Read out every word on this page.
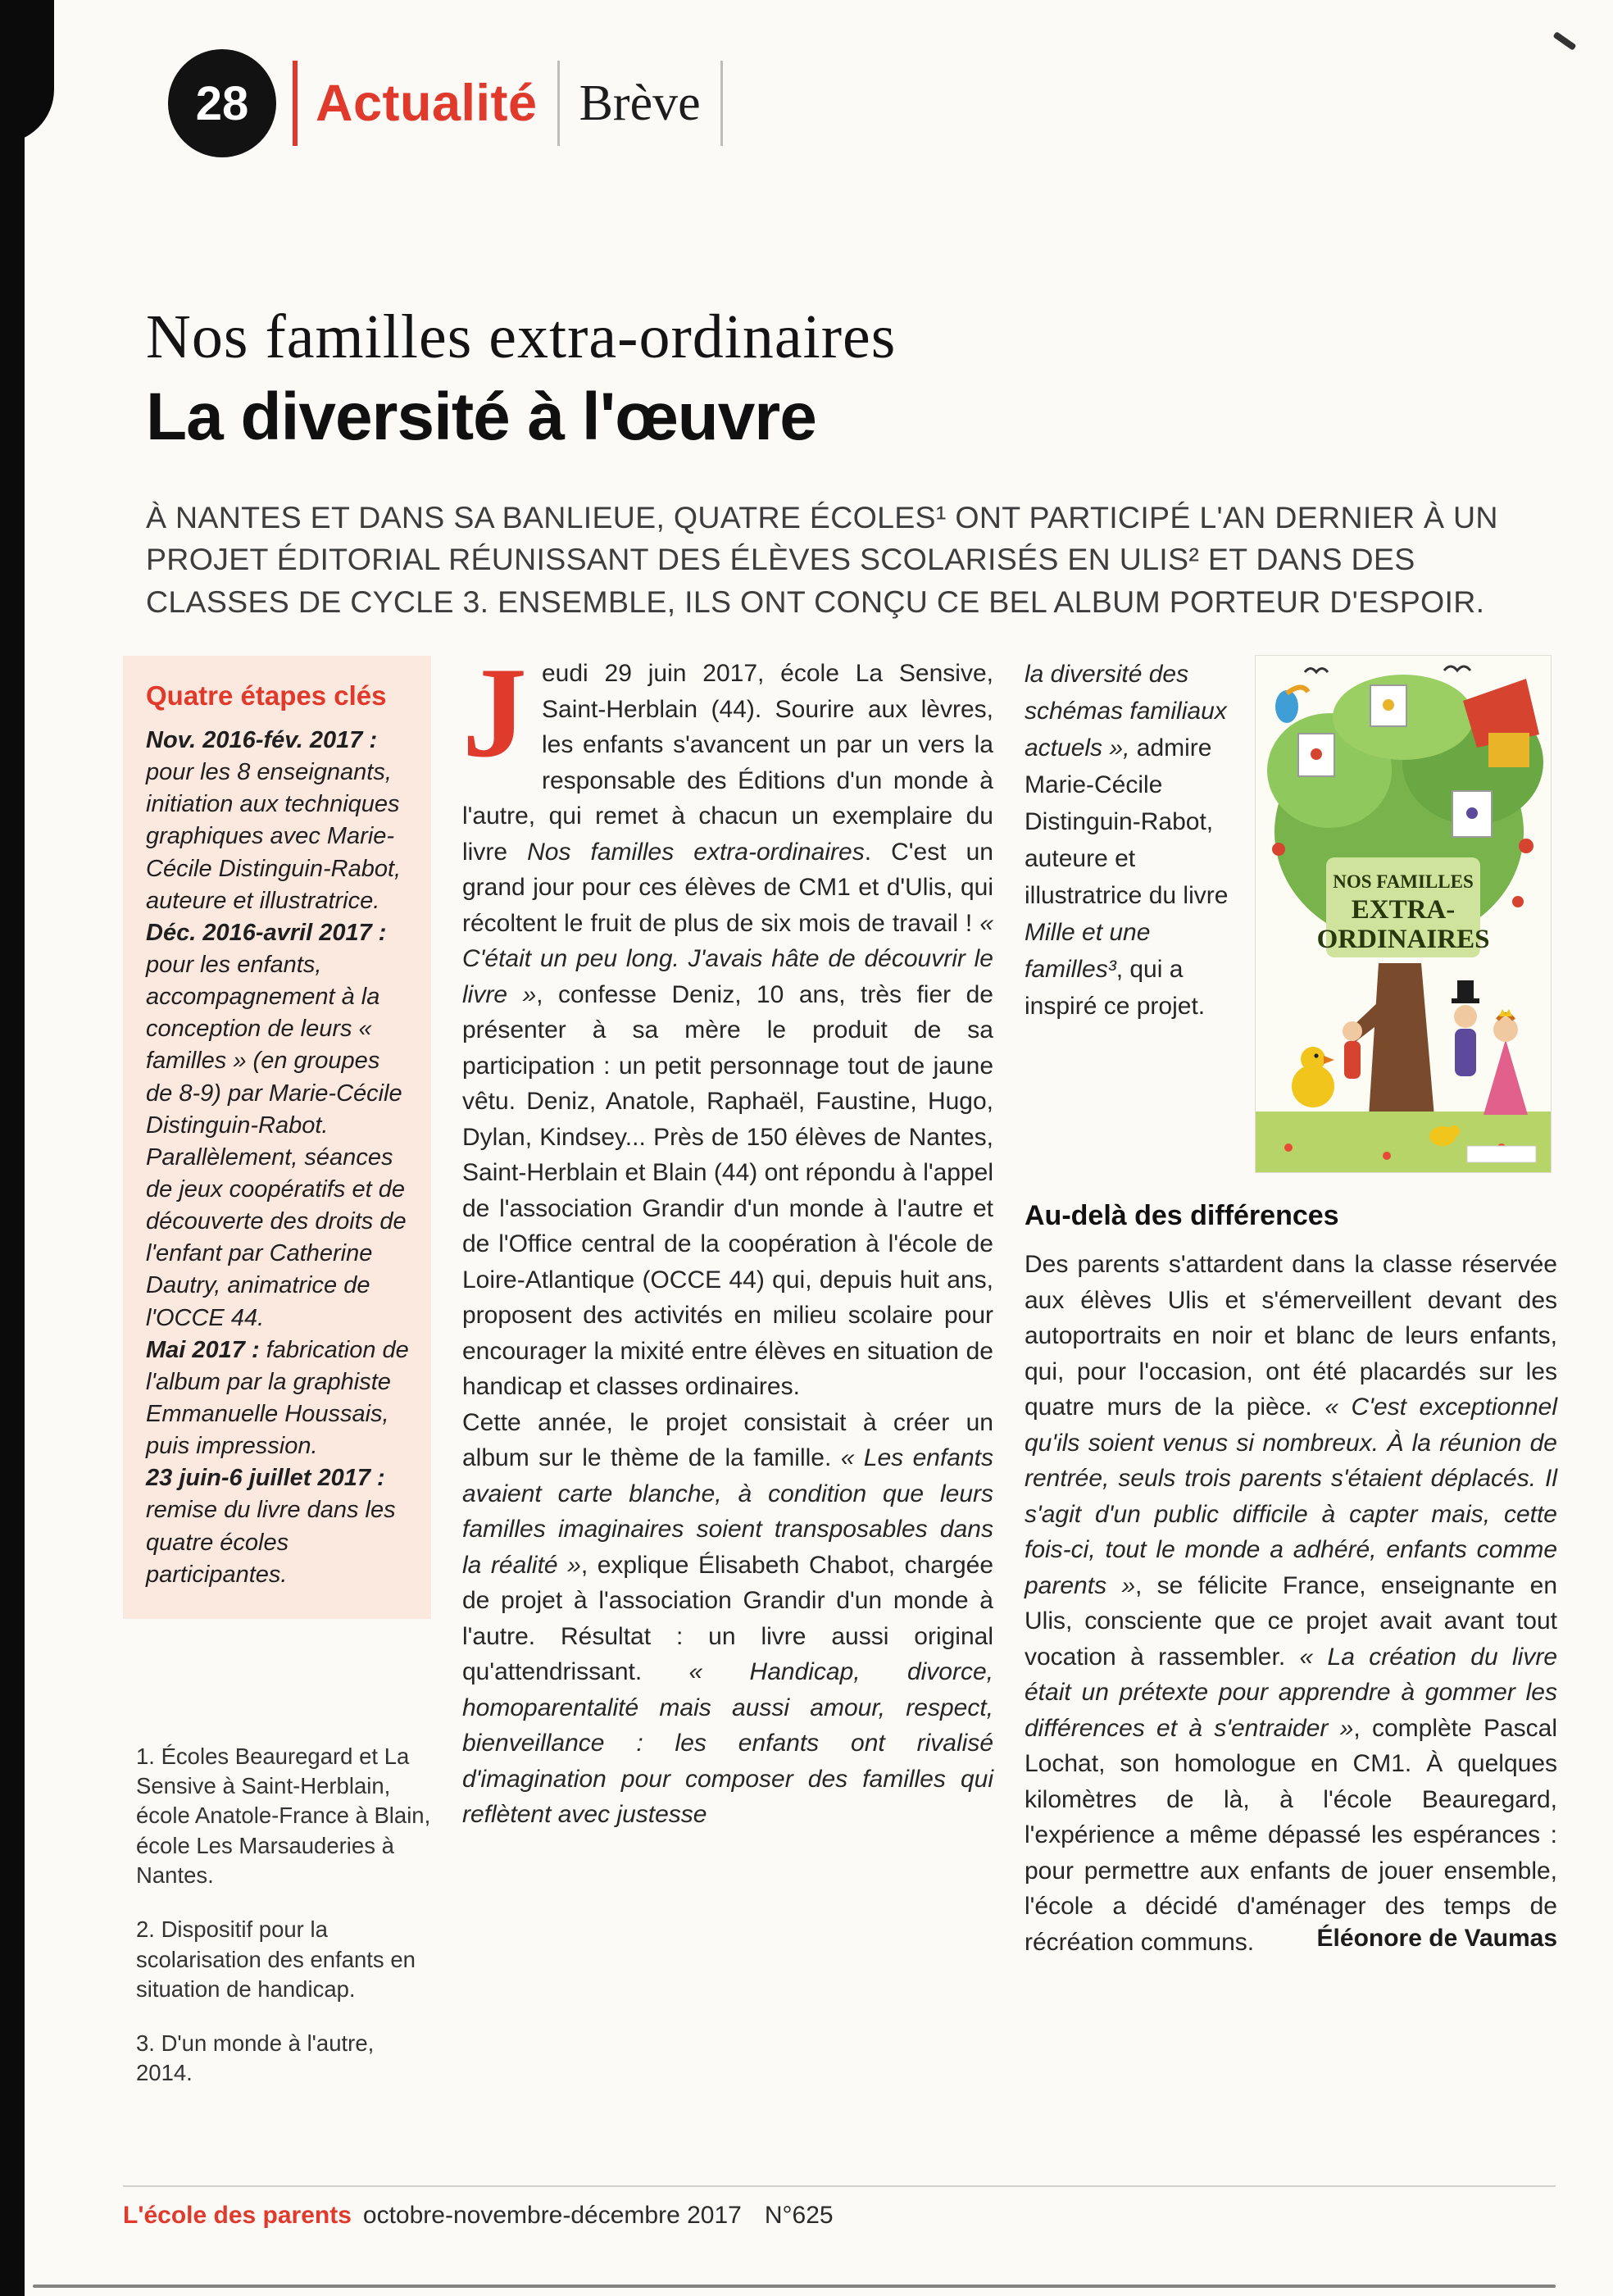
28	Actualité Brève
Nos familles extra-ordinaires
La diversité à l'œuvre
À NANTES ET DANS SA BANLIEUE, QUATRE ÉCOLES¹ ONT PARTICIPÉ L'AN DERNIER À UN PROJET ÉDITORIAL RÉUNISSANT DES ÉLÈVES SCOLARISÉS EN ULIS² ET DANS DES CLASSES DE CYCLE 3. ENSEMBLE, ILS ONT CONÇU CE BEL ALBUM PORTEUR D'ESPOIR.

Quatre étapes clés

Nov. 2016-fév. 2017 : pour les 8 enseignants, initiation aux techniques graphiques avec Marie-Cécile Distinguin-Rabot, auteure et illustratrice.

Déc. 2016-avril 2017 : pour les enfants, accompagnement à la conception de leurs « familles » (en groupes de 8-9) par Marie-Cécile Distinguin-Rabot. Parallèlement, séances de jeux coopératifs et de découverte des droits de l'enfant par Catherine Dautry, animatrice de l'OCCE 44.

Mai 2017 : fabrication de l'album par la graphiste Emmanuelle Houssais, puis impression.

23 juin-6 juillet 2017 : remise du livre dans les quatre écoles participantes.

1. Écoles Beauregard et La Sensive à Saint-Herblain, école Anatole-France à Blain, école Les Marsauderies à Nantes.

2. Dispositif pour la scolarisation des enfants en situation de handicap.

3. D'un monde à l'autre, 2014.

Jeudi 29 juin 2017, école La Sensive, Saint-Herblain (44). Sourire aux lèvres, les enfants s'avancent un par un vers la responsable des Éditions d'un monde à l'autre, qui remet à chacun un exemplaire du livre Nos familles extra-ordinaires. C'est un grand jour pour ces élèves de CM1 et d'Ulis, qui récoltent le fruit de plus de six mois de travail ! « C'était un peu long. J'avais hâte de découvrir le livre », confesse Deniz, 10 ans, très fier de présenter à sa mère le produit de sa participation : un petit personnage tout de jaune vêtu. Deniz, Anatole, Raphaël, Faustine, Hugo, Dylan, Kindsey... Près de 150 élèves de Nantes, Saint-Herblain et Blain (44) ont répondu à l'appel de l'association Grandir d'un monde à l'autre et de l'Office central de la coopération à l'école de Loire-Atlantique (OCCE 44) qui, depuis huit ans, proposent des activités en milieu scolaire pour encourager la mixité entre élèves en situation de handicap et classes ordinaires.

Cette année, le projet consistait à créer un album sur le thème de la famille. « Les enfants avaient carte blanche, à condition que leurs familles imaginaires soient transposables dans la réalité », explique Élisabeth Chabot, chargée de projet à l'association Grandir d'un monde à l'autre. Résultat : un livre aussi original qu'attendrissant. « Handicap, divorce, homoparentalité mais aussi amour, respect, bienveillance : les enfants ont rivalisé d'imagination pour composer des familles qui reflètent avec justesse

la diversité des schémas familiaux actuels », admire Marie-Cécile Distinguin-Rabot, auteure et illustratrice du livre Mille et une familles³, qui a inspiré ce projet.

NOS FAMILLES
EXTRA-
ORDINAIRES

Au-delà des différences

Des parents s'attardent dans la classe réservée aux élèves Ulis et s'émerveillent devant des autoportraits en noir et blanc de leurs enfants, qui, pour l'occasion, ont été placardés sur les quatre murs de la pièce. « C'est exceptionnel qu'ils soient venus si nombreux. À la réunion de rentrée, seuls trois parents s'étaient déplacés. Il s'agit d'un public difficile à capter mais, cette fois-ci, tout le monde a adhéré, enfants comme parents », se félicite France, enseignante en Ulis, consciente que ce projet avait avant tout vocation à rassembler. « La création du livre était un prétexte pour apprendre à gommer les différences et à s'entraider », complète Pascal Lochat, son homologue en CM1. À quelques kilomètres de là, à l'école Beauregard, l'expérience a même dépassé les espérances : pour permettre aux enfants de jouer ensemble, l'école a décidé d'aménager des temps de récréation communs.	Éléonore de Vaumas

L'école des parents octobre-novembre-décembre 2017 N°625
